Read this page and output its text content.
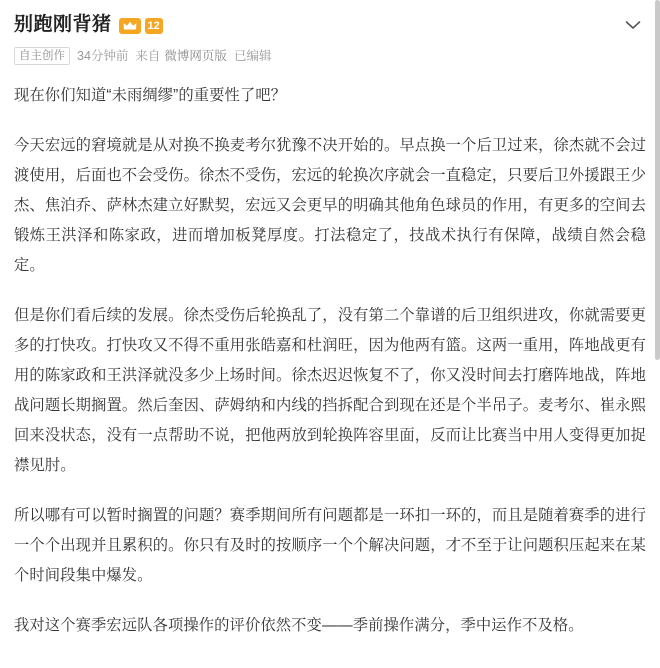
别跑刚背猪	12
自主创作 34分钟前 来自 微博网页版 已编辑

现在你们知道“未雨绸缪”的重要性了吧？

今天宏远的窘境就是从对换不换麦考尔犹豫不决开始的。早点换一个后卫过来，徐杰就不会过渡使用，后面也不会受伤。徐杰不受伤，宏远的轮换次序就会一直稳定，只要后卫外援跟王少杰、焦泊乔、萨林杰建立好默契，宏远又会更早的明确其他角色球员的作用，有更多的空间去锻炼王洪泽和陈家政，进而增加板凳厚度。打法稳定了，技战术执行有保障，战绩自然会稳定。

但是你们看后续的发展。徐杰受伤后轮换乱了，没有第二个靠谱的后卫组织进攻，你就需要更多的打快攻。打快攻又不得不重用张皓嘉和杜润旺，因为他两有篮。这两一重用，阵地战更有用的陈家政和王洪泽就没多少上场时间。徐杰迟迟恢复不了，你又没时间去打磨阵地战，阵地战问题长期搁置。然后奎因、萨姆纳和内线的挡拆配合到现在还是个半吊子。麦考尔、崔永熙回来没状态，没有一点帮助不说，把他两放到轮换阵容里面，反而让比赛当中用人变得更加捉襟见肘。

所以哪有可以暂时搁置的问题？赛季期间所有问题都是一环扣一环的，而且是随着赛季的进行一个个出现并且累积的。你只有及时的按顺序一个个解决问题，才不至于让问题积压起来在某个时间段集中爆发。

我对这个赛季宏远队各项操作的评价依然不变——季前操作满分，季中运作不及格。
